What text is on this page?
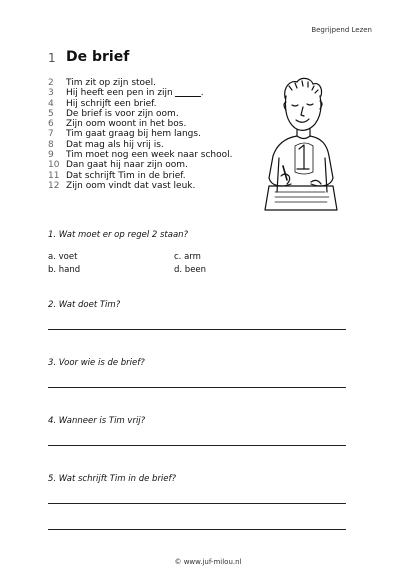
Begrijpend Lezen
1 De brief
2	Tim zit op zijn stoel.
3	Hij heeft een pen in zijn	.
4	Hij schrijft een brief.
5	De brief is voor zijn oom.
6	Zijn oom woont in het bos.
7	Tim gaat graag bij hem langs.
8	Dat mag als hij vrij is.
9	Tim moet nog een week naar school.
10 Dan gaat hij naar zijn oom.
11 Dat schrijft Tim in de brief.
12 Zijn oom vindt dat vast leuk.
1. Wat moet er op regel 2 staan?
a. voet
b. hand
c. arm
d. been
2. Wat doet Tim?
3. Voor wie is de brief?
4. Wanneer is Tim vrij?
5. Wat schrijft Tim in de brief?
© www.juf-milou.nl
